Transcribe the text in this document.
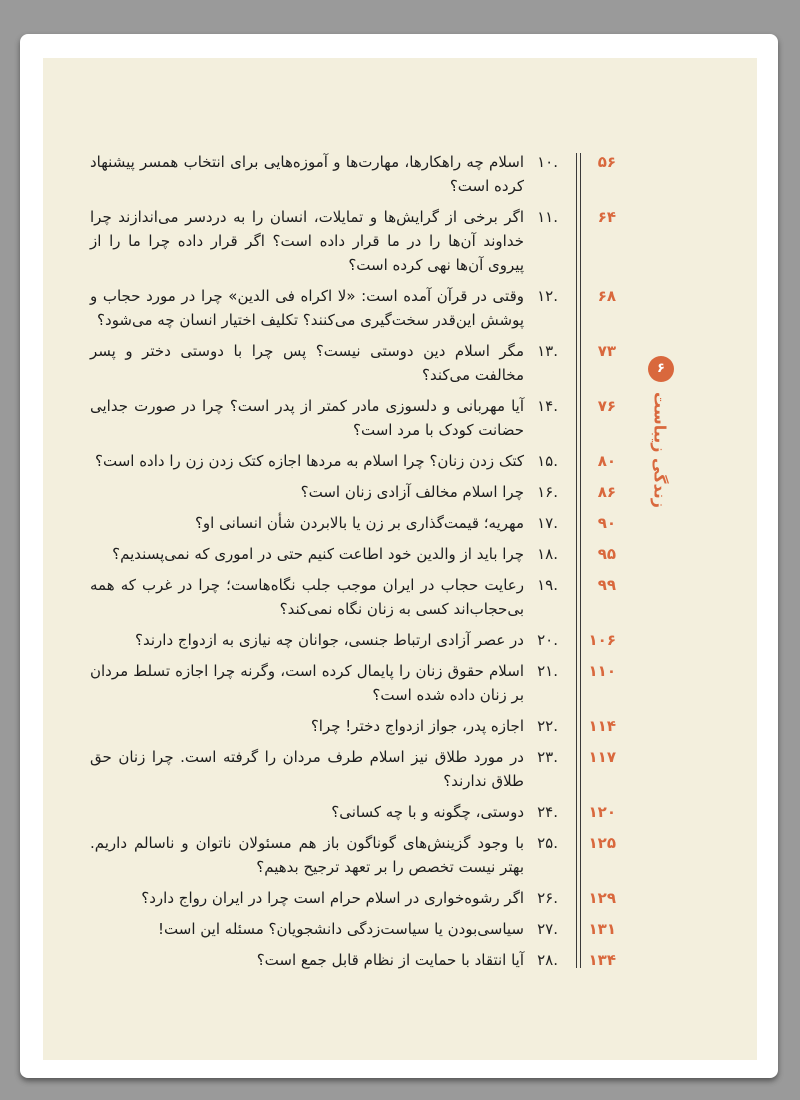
۶
زندگی زیباست
۵۶
.۱۰
اسلام چه راهکارها، مهارت‌ها و آموزه‌هایی برای انتخاب همسر پیشنهاد کرده است؟
۶۴
.۱۱
اگر برخی از گرایش‌ها و تمایلات، انسان را به دردسر می‌اندازند چرا خداوند آن‌ها را در ما قرار داده است؟ اگر قرار داده چرا ما را از پیروی آن‌ها نهی کرده است؟
۶۸
.۱۲
وقتی در قرآن آمده است: «لا اکراه فی الدین» چرا در مورد حجاب و پوشش این‌قدر سخت‌گیری می‌کنند؟ تکلیف اختیار انسان چه می‌شود؟
۷۳
.۱۳
مگر اسلام دین دوستی نیست؟ پس چرا با دوستی دختر و پسر مخالفت می‌کند؟
۷۶
.۱۴
آیا مهربانی و دلسوزی مادر کمتر از پدر است؟ چرا در صورت جدایی حضانت کودک با مرد است؟
۸۰
.۱۵
کتک زدن زنان؟ چرا اسلام به مردها اجازه کتک زدن زن را داده است؟
۸۶
.۱۶
چرا اسلام مخالف آزادی زنان است؟
۹۰
.۱۷
مهریه؛ قیمت‌گذاری بر زن یا بالابردن شأن انسانی او؟
۹۵
.۱۸
چرا باید از والدین خود اطاعت کنیم حتی در اموری که نمی‌پسندیم؟
۹۹
.۱۹
رعایت حجاب در ایران موجب جلب نگاه‌هاست؛ چرا در غرب که همه بی‌حجاب‌اند کسی به زنان نگاه نمی‌کند؟
۱۰۶
.۲۰
در عصر آزادی ارتباط جنسی، جوانان چه نیازی به ازدواج دارند؟
۱۱۰
.۲۱
اسلام حقوق زنان را پایمال کرده است، وگرنه چرا اجازه تسلط مردان بر زنان داده شده است؟
۱۱۴
.۲۲
اجازه پدر، جواز ازدواج دختر! چرا؟
۱۱۷
.۲۳
در مورد طلاق نیز اسلام طرف مردان را گرفته است. چرا زنان حق طلاق ندارند؟
۱۲۰
.۲۴
دوستی، چگونه و با چه کسانی؟
۱۲۵
.۲۵
با وجود گزینش‌های گوناگون باز هم مسئولان ناتوان و ناسالم داریم. بهتر نیست تخصص را بر تعهد ترجیح بدهیم؟
۱۲۹
.۲۶
اگر رشوه‌خواری در اسلام حرام است چرا در ایران رواج دارد؟
۱۳۱
.۲۷
سیاسی‌بودن یا سیاست‌زدگی دانشجویان؟ مسئله این است!
۱۳۴
.۲۸
آیا انتقاد با حمایت از نظام قابل جمع است؟
